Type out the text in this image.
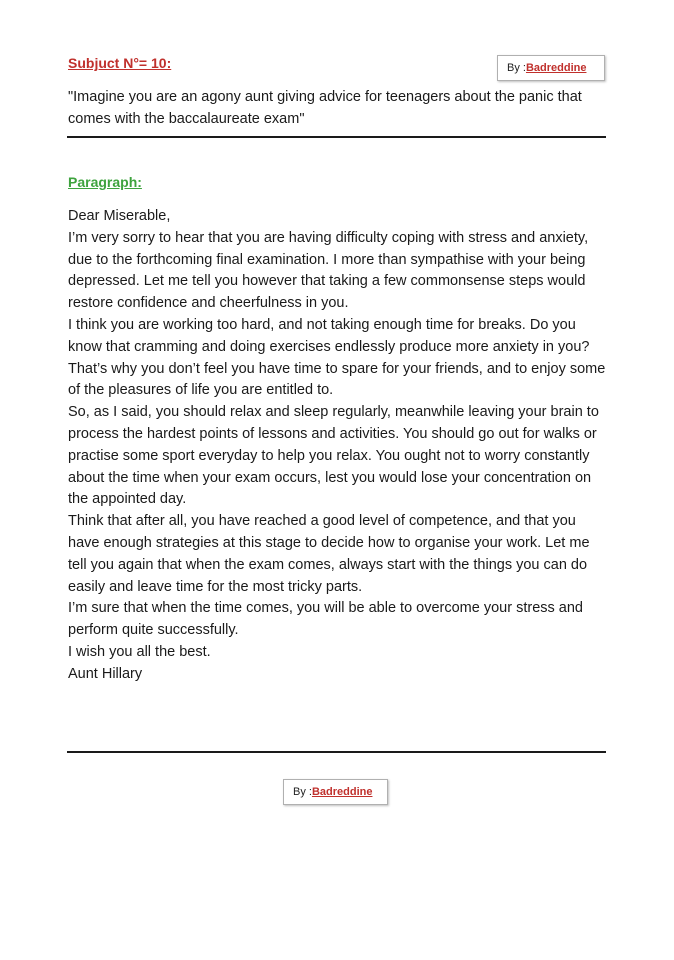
Subjuct N°= 10:	By :Badreddine

"Imagine you are an agony aunt giving advice for teenagers about the panic that comes with the baccalaureate exam"

Paragraph:

Dear Miserable,

I’m very sorry to hear that you are having difficulty coping with stress and anxiety, due to the forthcoming final examination. I more than sympathise with your being depressed. Let me tell you however that taking a few commonsense steps would restore confidence and cheerfulness in you.

I think you are working too hard, and not taking enough time for breaks. Do you know that cramming and doing exercises endlessly produce more anxiety in you? That’s why you don’t feel you have time to spare for your friends, and to enjoy some of the pleasures of life you are entitled to.

So, as I said, you should relax and sleep regularly, meanwhile leaving your brain to process the hardest points of lessons and activities. You should go out for walks or practise some sport everyday to help you relax. You ought not to worry constantly about the time when your exam occurs, lest you would lose your concentration on the appointed day.

Think that after all, you have reached a good level of competence, and that you have enough strategies at this stage to decide how to organise your work. Let me tell you again that when the exam comes, always start with the things you can do easily and leave time for the most tricky parts.

I’m sure that when the time comes, you will be able to overcome your stress and perform quite successfully.

I wish you all the best.

Aunt Hillary

By :Badreddine
